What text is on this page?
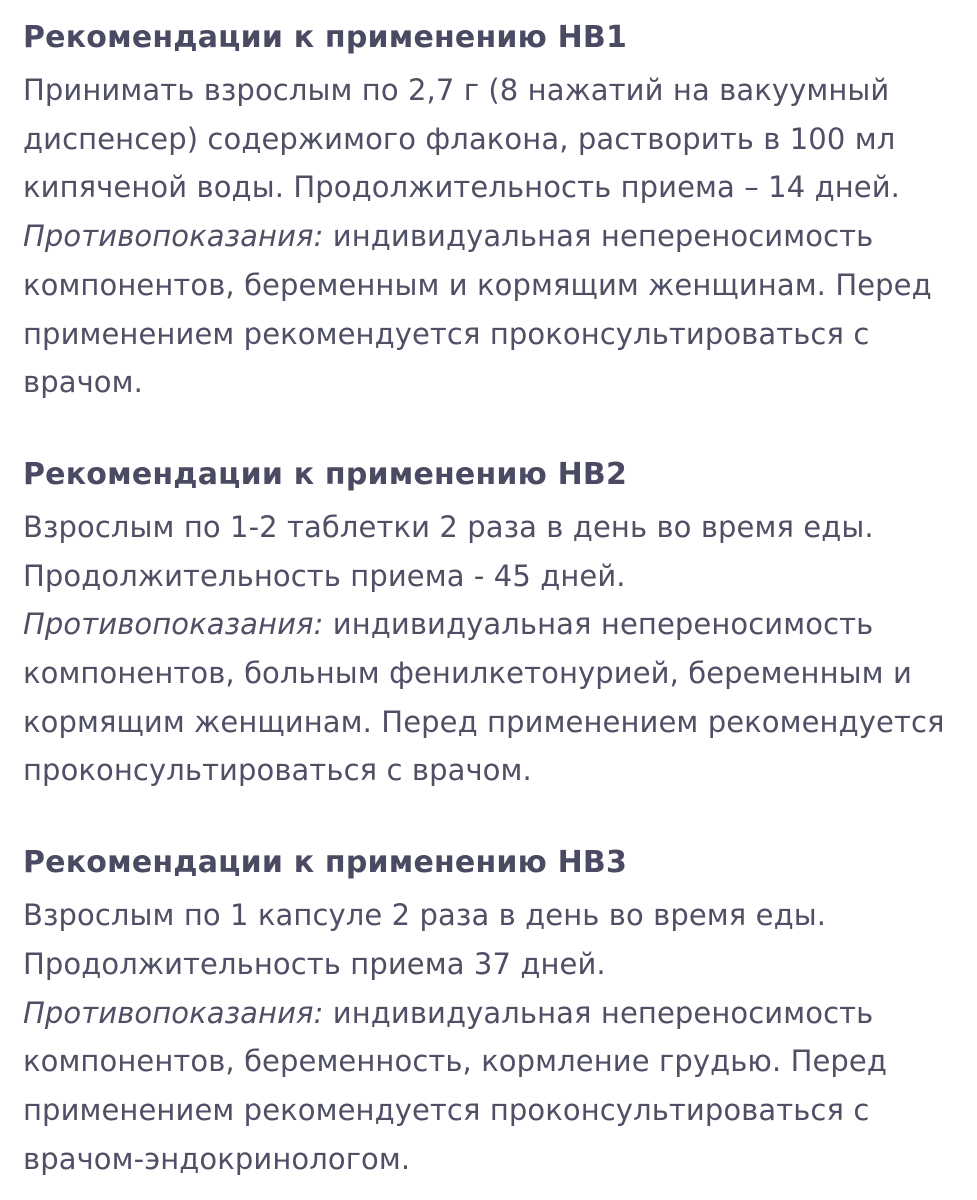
Рекомендации к применению НВ1

Принимать взрослым по 2,7 г (8 нажатий на вакуумный диспенсер) содержимого флакона, растворить в 100 мл кипяченой воды. Продолжительность приема – 14 дней.
Противопоказания: индивидуальная непереносимость компонентов, беременным и кормящим женщинам. Перед применением рекомендуется проконсультироваться с врачом.

Рекомендации к применению НВ2

Взрослым по 1-2 таблетки 2 раза в день во время еды. Продолжительность приема - 45 дней.
Противопоказания: индивидуальная непереносимость компонентов, больным фенилкетонурией, беременным и кормящим женщинам. Перед применением рекомендуется проконсультироваться с врачом.

Рекомендации к применению НВ3

Взрослым по 1 капсуле 2 раза в день во время еды. Продолжительность приема 37 дней.
Противопоказания: индивидуальная непереносимость компонентов, беременность, кормление грудью. Перед применением рекомендуется проконсультироваться с врачом-эндокринологом.
